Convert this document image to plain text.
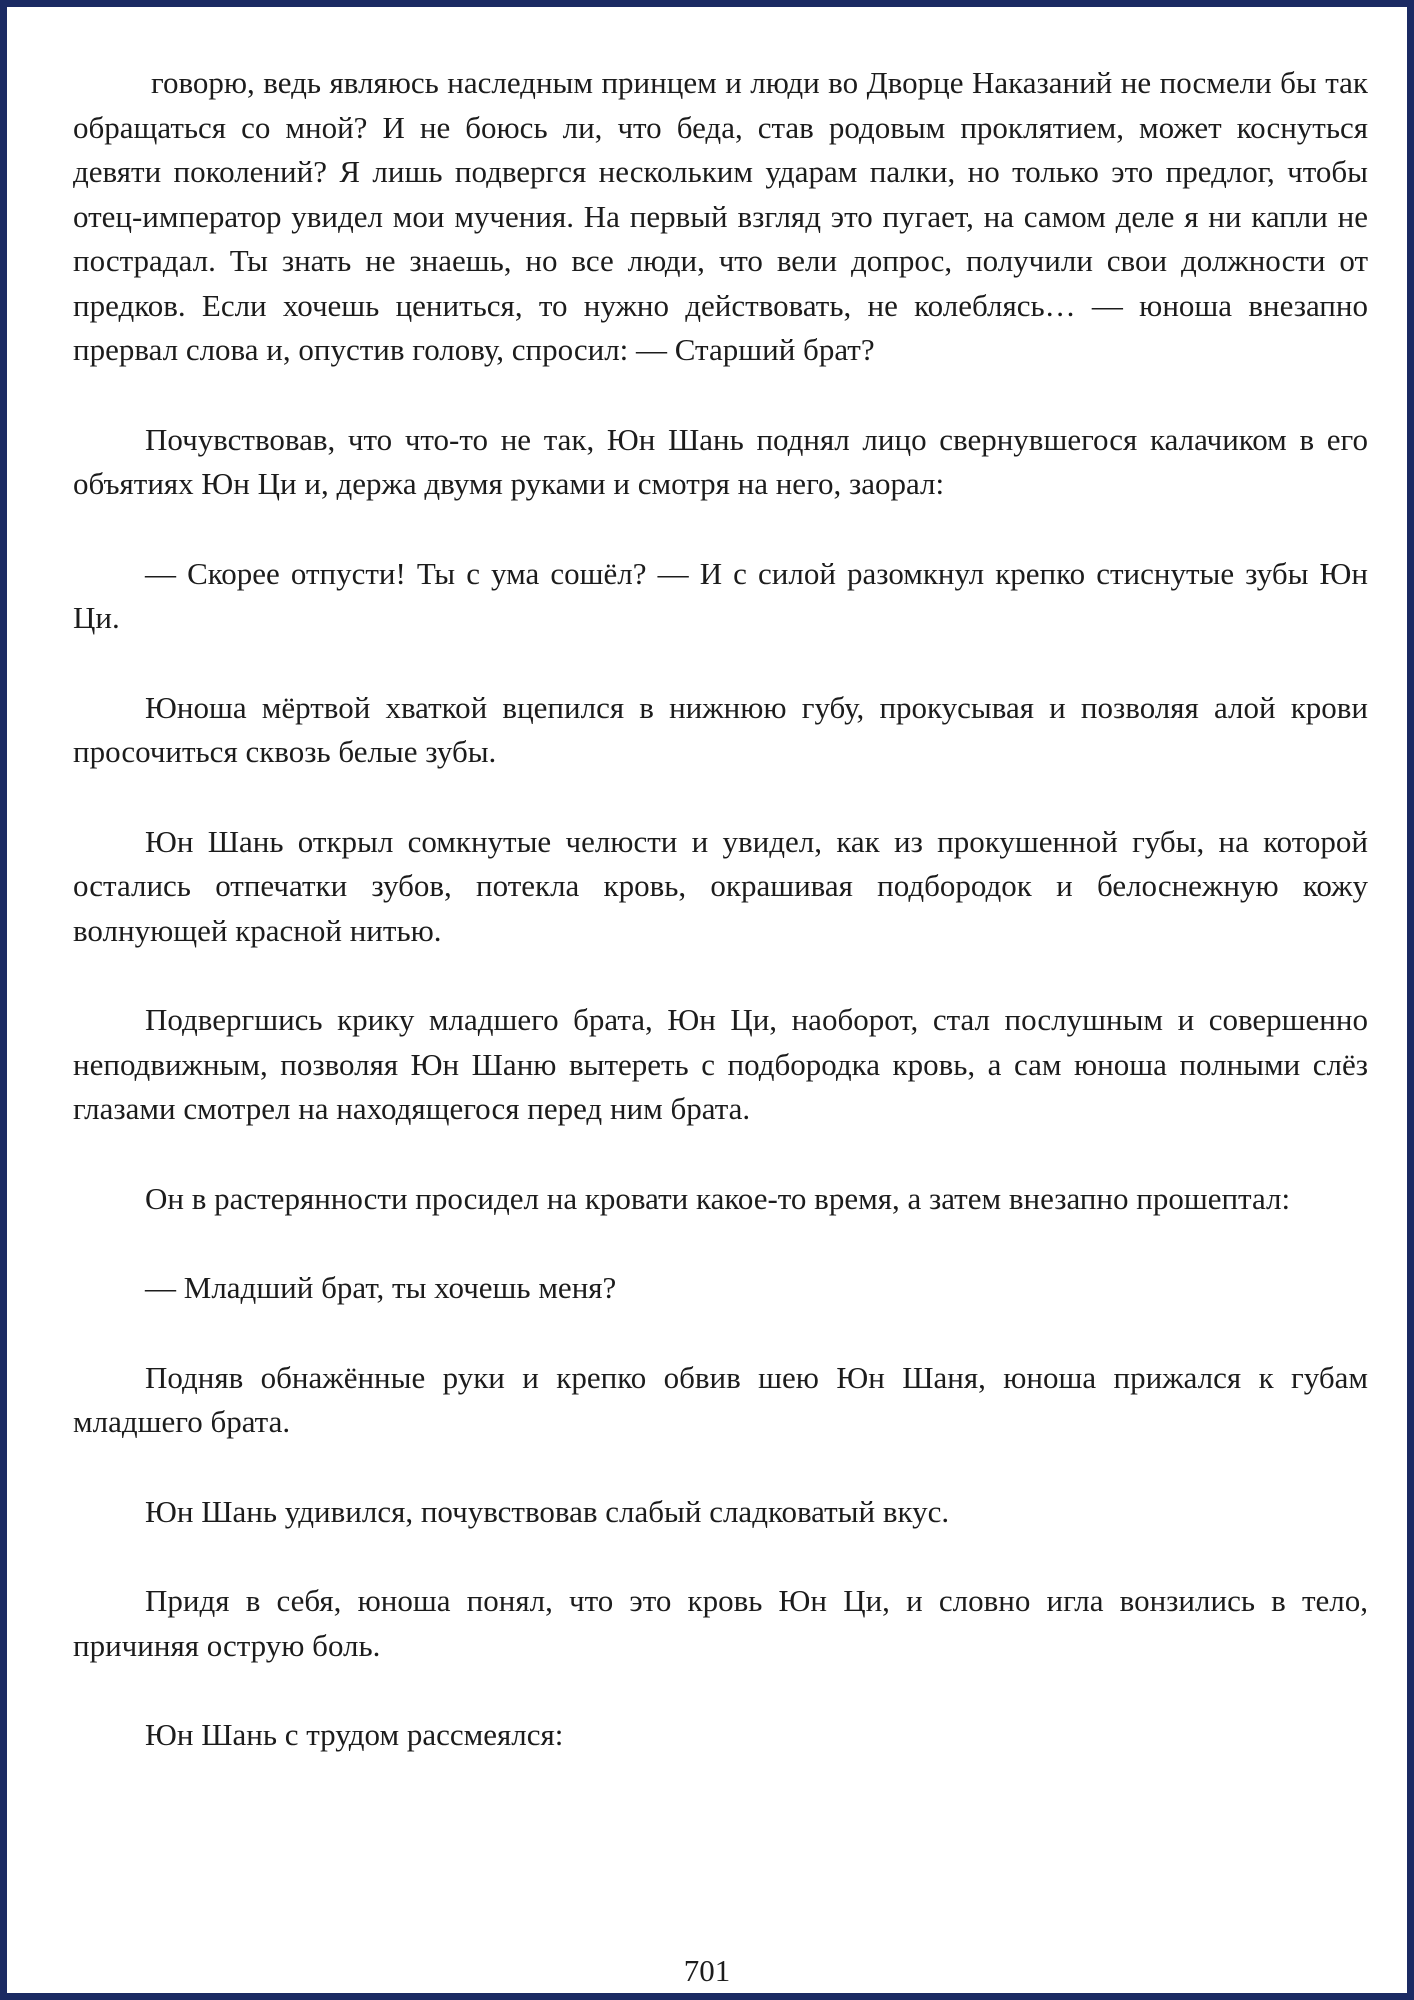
говорю, ведь являюсь наследным принцем и люди во Дворце Наказаний не посмели бы так обращаться со мной? И не боюсь ли, что беда, став родовым проклятием, может коснуться девяти поколений? Я лишь подвергся нескольким ударам палки, но только это предлог, чтобы отец-император увидел мои мучения. На первый взгляд это пугает, на самом деле я ни капли не пострадал. Ты знать не знаешь, но все люди, что вели допрос, получили свои должности от предков. Если хочешь цениться, то нужно действовать, не колеблясь… — юноша внезапно прервал слова и, опустив голову, спросил: — Старший брат?

Почувствовав, что что-то не так, Юн Шань поднял лицо свернувшегося калачиком в его объятиях Юн Ци и, держа двумя руками и смотря на него, заорал:

— Скорее отпусти! Ты с ума сошёл? — И с силой разомкнул крепко стиснутые зубы Юн Ци.

Юноша мёртвой хваткой вцепился в нижнюю губу, прокусывая и позволяя алой крови просочиться сквозь белые зубы.

Юн Шань открыл сомкнутые челюсти и увидел, как из прокушенной губы, на которой остались отпечатки зубов, потекла кровь, окрашивая подбородок и белоснежную кожу волнующей красной нитью.

Подвергшись крику младшего брата, Юн Ци, наоборот, стал послушным и совершенно неподвижным, позволяя Юн Шаню вытереть с подбородка кровь, а сам юноша полными слёз глазами смотрел на находящегося перед ним брата.

Он в растерянности просидел на кровати какое-то время, а затем внезапно прошептал:

— Младший брат, ты хочешь меня?

Подняв обнажённые руки и крепко обвив шею Юн Шаня, юноша прижался к губам младшего брата.

Юн Шань удивился, почувствовав слабый сладковатый вкус.

Придя в себя, юноша понял, что это кровь Юн Ци, и словно игла вонзились в тело, причиняя острую боль.

Юн Шань с трудом рассмеялся:

701
